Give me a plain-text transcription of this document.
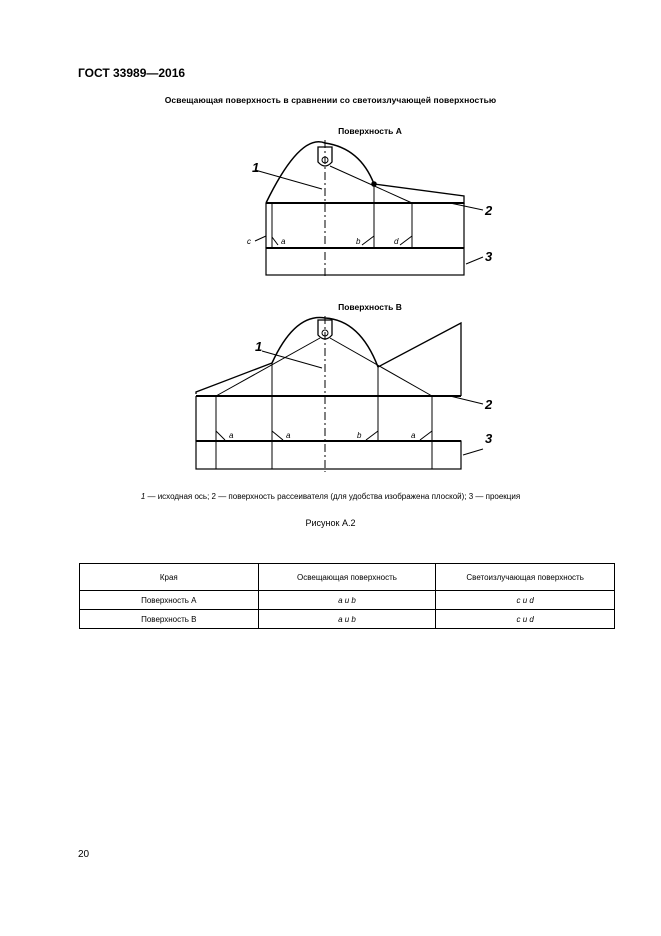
ГОСТ 33989—2016
Освещающая поверхность в сравнении со светоизлучающей поверхностью
Поверхность А
1
2
3
c	a	b	d
Поверхность В
1
2
3
a	a	b	a
1 — исходная ось; 2 — поверхность рассеивателя (для удобства изображена плоской); 3 — проекция
Рисунок А.2
Края	Освещающая поверхность	Светоизлучающая поверхность
Поверхность А	a и b	c и d
Поверхность В	a и b	c и d
20
